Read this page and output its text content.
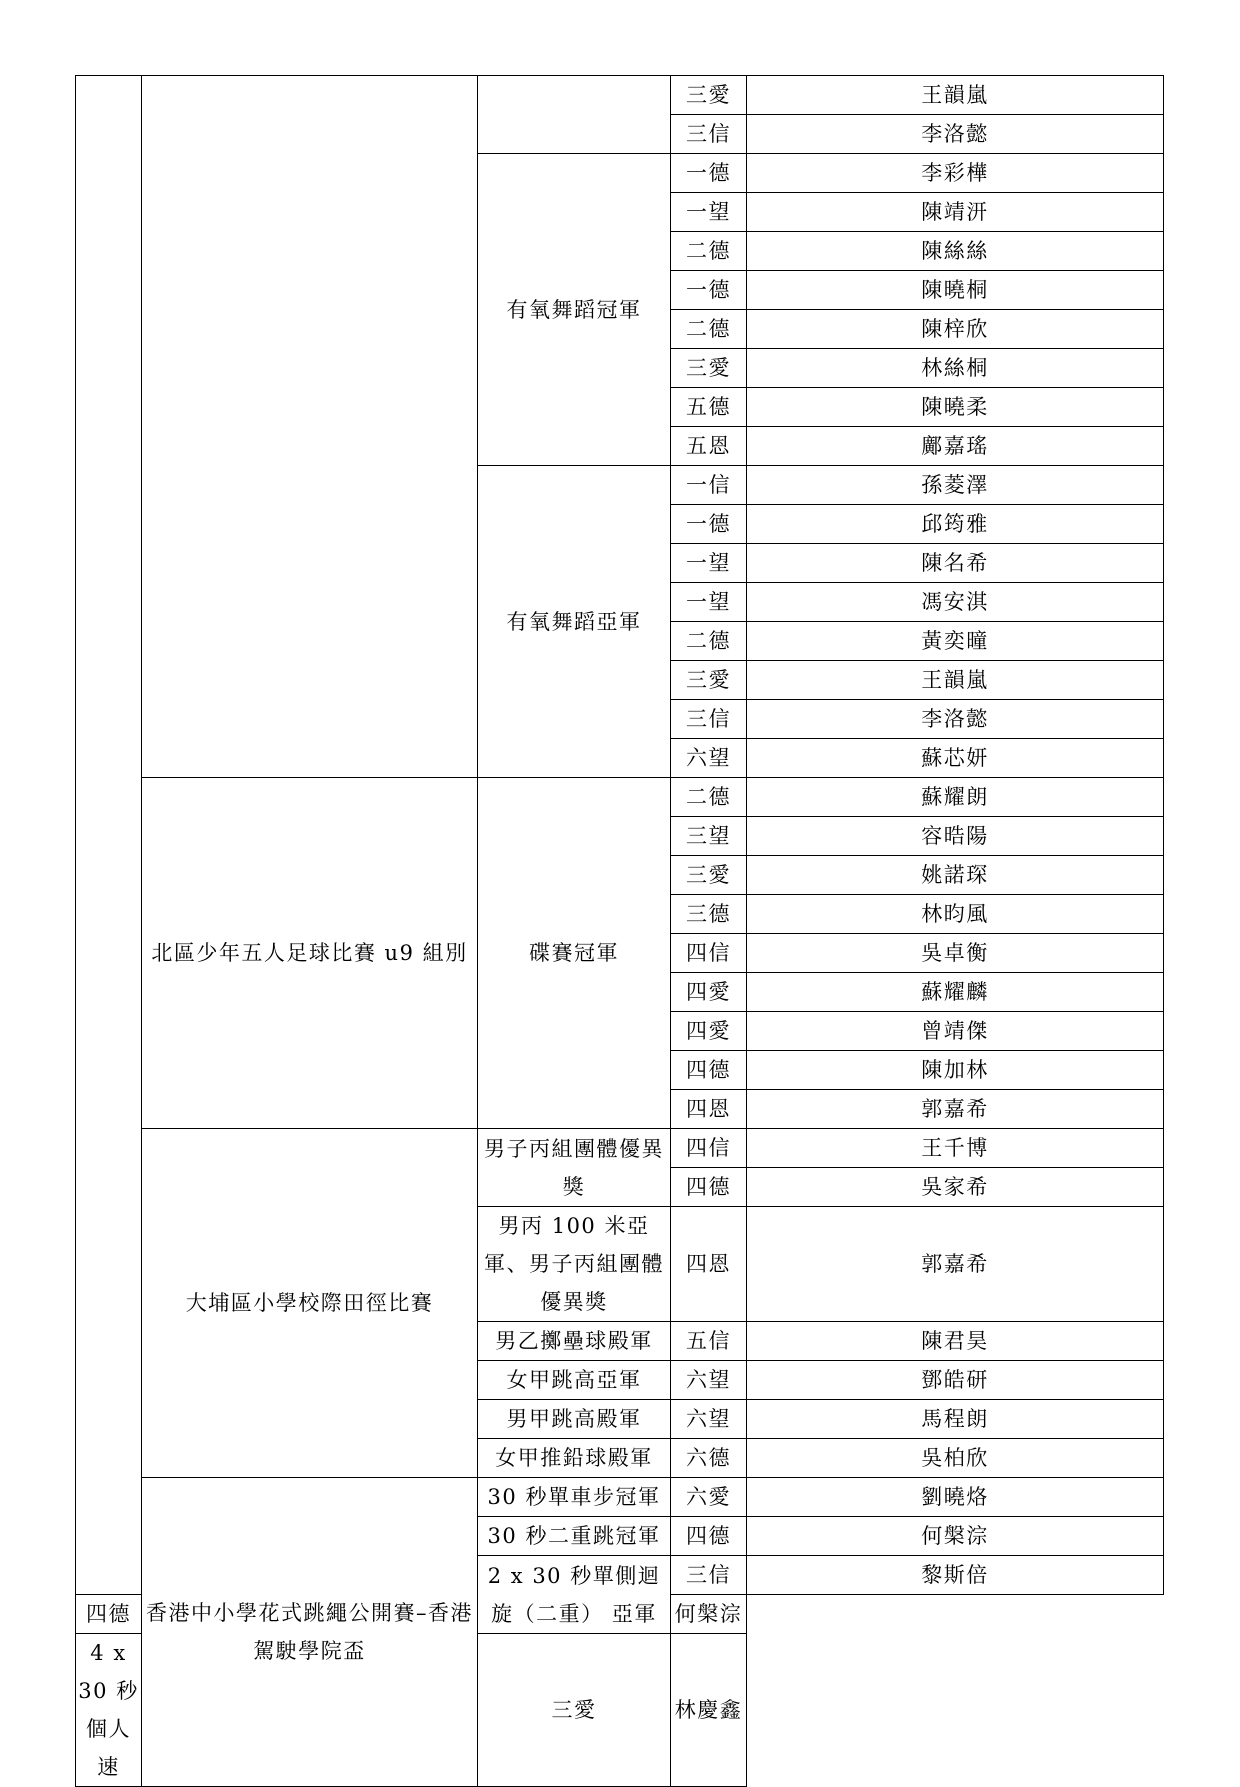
			三愛	王韻嵐
			三信	李洛懿
		有氧舞蹈冠軍	一德	李彩樺
			一望	陳靖汧
			二德	陳絲絲
			一德	陳曉桐
			二德	陳梓欣
			三愛	林絲桐
			五德	陳曉柔
			五恩	鄺嘉瑤
		有氧舞蹈亞軍	一信	孫菱澤
			一德	邱筠雅
			一望	陳名希
			一望	馮安淇
			二德	黃奕曈
			三愛	王韻嵐
			三信	李洛懿
			六望	蘇芯妍
	北區少年五人足球比賽 u9 組別	碟賽冠軍	二德	蘇耀朗
			三望	容晧陽
			三愛	姚諾琛
			三德	林昀風
			四信	吳卓衡
			四愛	蘇耀麟
			四愛	曾靖傑
			四德	陳加林
			四恩	郭嘉希
	大埔區小學校際田徑比賽	男子丙組團體優異獎	四信	王千博
			四德	吳家希
		男丙 100 米亞軍、男子丙組團體優異獎	四恩	郭嘉希

		男乙擲壘球殿軍	五信	陳君昊
		女甲跳高亞軍	六望	鄧皓研
		男甲跳高殿軍	六望	馬程朗
		女甲推鉛球殿軍	六德	吳柏欣
	香港中小學花式跳繩公開賽–香港駕駛學院盃	30 秒單車步冠軍	六愛	劉曉烙
		30 秒二重跳冠軍	四德	何槃淙
		2 x 30 秒單側迴旋（二重） 亞軍	三信	黎斯倍
四德			何槃淙	
4 x 30 秒個人速		三愛	林慶鑫	
